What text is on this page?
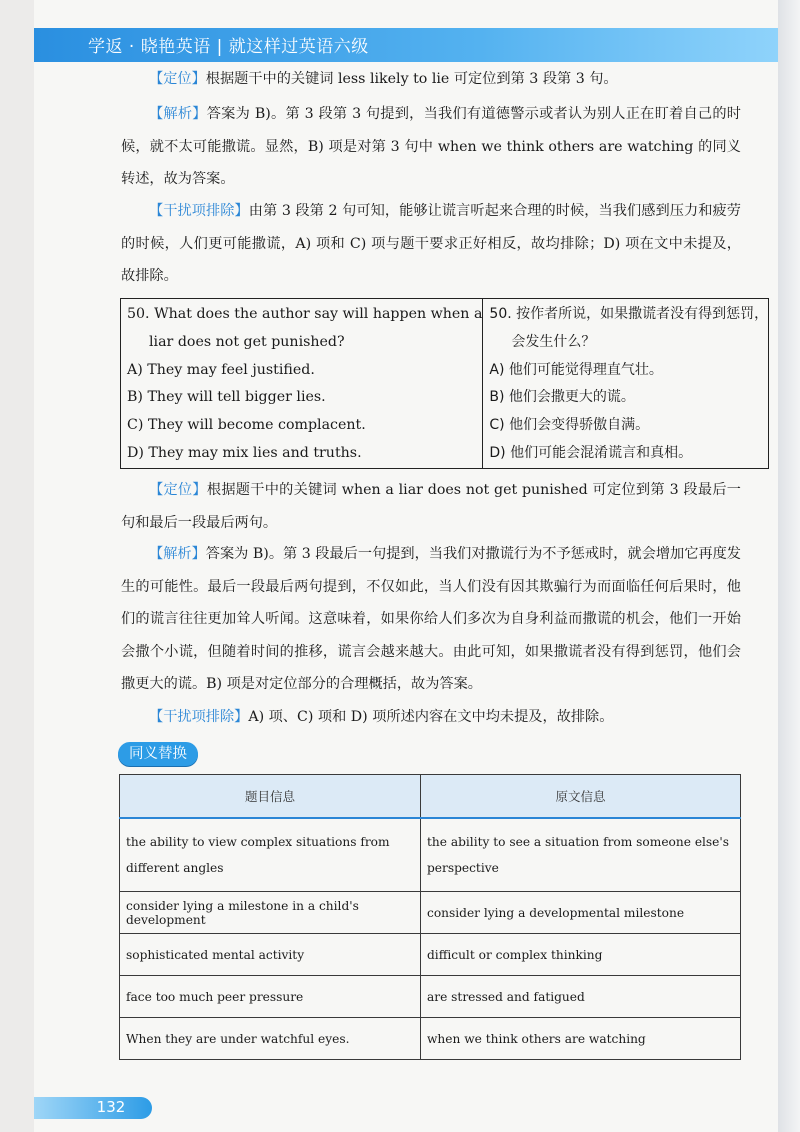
学返 · 晓艳英语 | 就这样过英语六级

【定位】根据题干中的关键词 less likely to lie 可定位到第 3 段第 3 句。

【解析】答案为 B)。第 3 段第 3 句提到，当我们有道德警示或者认为别人正在盯着自己的时候，就不太可能撒谎。显然，B) 项是对第 3 句中 when we think others are watching 的同义转述，故为答案。

【干扰项排除】由第 3 段第 2 句可知，能够让谎言听起来合理的时候，当我们感到压力和疲劳的时候，人们更可能撒谎，A) 项和 C) 项与题干要求正好相反，故均排除；D) 项在文中未提及，故排除。

50. What does the author say will happen when a
liar does not get punished?
A) They may feel justified.
B) They will tell bigger lies.
C) They will become complacent.
D) They may mix lies and truths.

50. 按作者所说，如果撒谎者没有得到惩罚，
会发生什么？
A) 他们可能觉得理直气壮。
B) 他们会撒更大的谎。
C) 他们会变得骄傲自满。
D) 他们可能会混淆谎言和真相。

【定位】根据题干中的关键词 when a liar does not get punished 可定位到第 3 段最后一句和最后一段最后两句。

【解析】答案为 B)。第 3 段最后一句提到，当我们对撒谎行为不予惩戒时，就会增加它再度发生的可能性。最后一段最后两句提到，不仅如此，当人们没有因其欺骗行为而面临任何后果时，他们的谎言往往更加耸人听闻。这意味着，如果你给人们多次为自身利益而撒谎的机会，他们一开始会撒个小谎，但随着时间的推移，谎言会越来越大。由此可知，如果撒谎者没有得到惩罚，他们会撒更大的谎。B) 项是对定位部分的合理概括，故为答案。

【干扰项排除】A) 项、C) 项和 D) 项所述内容在文中均未提及，故排除。

同义替换
题目信息	原文信息
the ability to view complex situations from different angles	the ability to see a situation from someone else's perspective
consider lying a milestone in a child's development	consider lying a developmental milestone
sophisticated mental activity	difficult or complex thinking
face too much peer pressure	are stressed and fatigued
When they are under watchful eyes.	when we think others are watching
132
